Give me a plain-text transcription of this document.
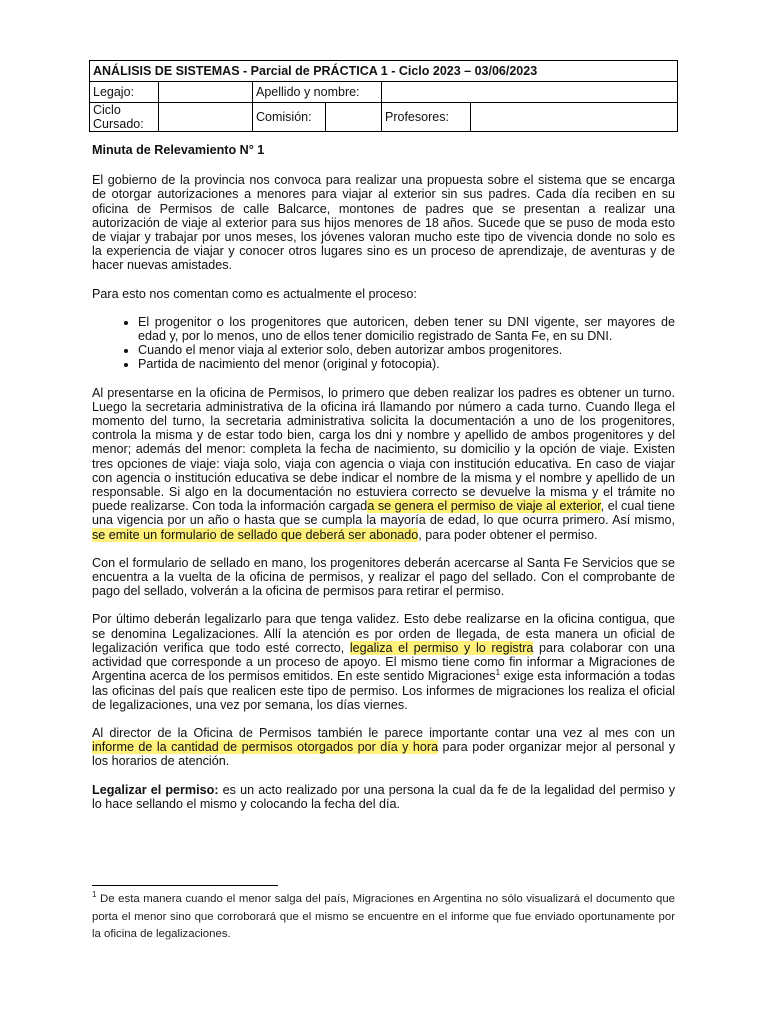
ANÁLISIS DE SISTEMAS - Parcial de PRÁCTICA 1 - Ciclo 2023 – 03/06/2023					
Legajo:		Apellido y nombre:			
Ciclo Cursado:		Comisión:		Profesores:	
Minuta de Relevamiento N° 1

El gobierno de la provincia nos convoca para realizar una propuesta sobre el sistema que se encarga de otorgar autorizaciones a menores para viajar al exterior sin sus padres. Cada día reciben en su oficina de Permisos de calle Balcarce, montones de padres que se presentan a realizar una autorización de viaje al exterior para sus hijos menores de 18 años. Sucede que se puso de moda esto de viajar y trabajar por unos meses, los jóvenes valoran mucho este tipo de vivencia donde no solo es la experiencia de viajar y conocer otros lugares sino es un proceso de aprendizaje, de aventuras y de hacer nuevas amistades.

Para esto nos comentan como es actualmente el proceso:

• El progenitor o los progenitores que autoricen, deben tener su DNI vigente, ser mayores de edad y, por lo menos, uno de ellos tener domicilio registrado de Santa Fe, en su DNI.
• Cuando el menor viaja al exterior solo, deben autorizar ambos progenitores.
• Partida de nacimiento del menor (original y fotocopia).

Al presentarse en la oficina de Permisos, lo primero que deben realizar los padres es obtener un turno. Luego la secretaria administrativa de la oficina irá llamando por número a cada turno. Cuando llega el momento del turno, la secretaria administrativa solicita la documentación a uno de los progenitores, controla la misma y de estar todo bien, carga los dni y nombre y apellido de ambos progenitores y del menor; además del menor: completa la fecha de nacimiento, su domicilio y la opción de viaje. Existen tres opciones de viaje: viaja solo, viaja con agencia o viaja con institución educativa. En caso de viajar con agencia o institución educativa se debe indicar el nombre de la misma y el nombre y apellido de un responsable. Si algo en la documentación no estuviera correcto se devuelve la misma y el trámite no puede realizarse. Con toda la información cargada se genera el permiso de viaje al exterior, el cual tiene una vigencia por un año o hasta que se cumpla la mayoría de edad, lo que ocurra primero. Así mismo, se emite un formulario de sellado que deberá ser abonado, para poder obtener el permiso.

Con el formulario de sellado en mano, los progenitores deberán acercarse al Santa Fe Servicios que se encuentra a la vuelta de la oficina de permisos, y realizar el pago del sellado. Con el comprobante de pago del sellado, volverán a la oficina de permisos para retirar el permiso.

Por último deberán legalizarlo para que tenga validez. Esto debe realizarse en la oficina contigua, que se denomina Legalizaciones. Allí la atención es por orden de llegada, de esta manera un oficial de legalización verifica que todo esté correcto, legaliza el permiso y lo registra para colaborar con una actividad que corresponde a un proceso de apoyo. El mismo tiene como fin informar a Migraciones de Argentina acerca de los permisos emitidos. En este sentido Migraciones$^1$ exige esta información a todas las oficinas del país que realicen este tipo de permiso. Los informes de migraciones los realiza el oficial de legalizaciones, una vez por semana, los días viernes.

Al director de la Oficina de Permisos también le parece importante contar una vez al mes con un informe de la cantidad de permisos otorgados por día y hora para poder organizar mejor al personal y los horarios de atención.

Legalizar el permiso: es un acto realizado por una persona la cual da fe de la legalidad del permiso y lo hace sellando el mismo y colocando la fecha del día.

$^1$ De esta manera cuando el menor salga del país, Migraciones en Argentina no sólo visualizará el documento que porta el menor sino que corroborará que el mismo se encuentre en el informe que fue enviado oportunamente por la oficina de legalizaciones.
